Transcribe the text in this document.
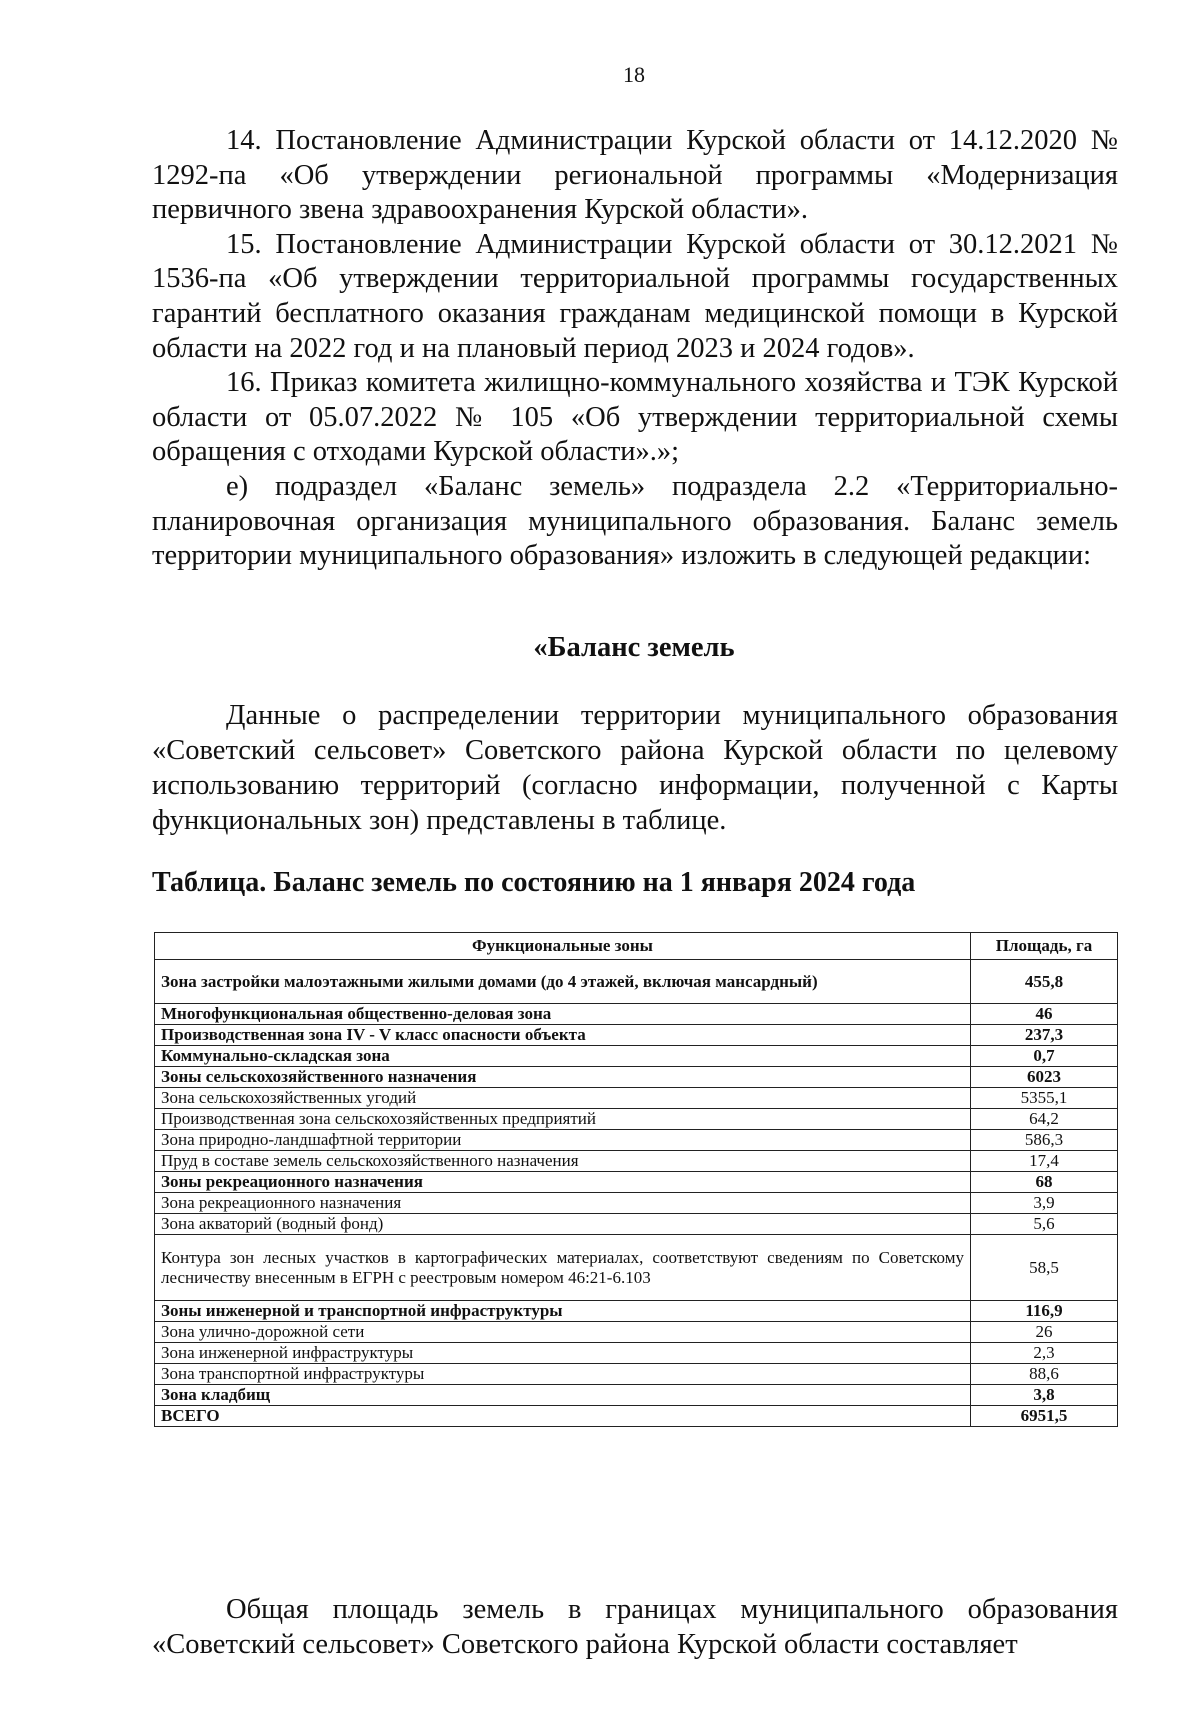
18

14. Постановление Администрации Курской области от 14.12.2020 № 1292-па «Об утверждении региональной программы «Модернизация первичного звена здравоохранения Курской области».

15. Постановление Администрации Курской области от 30.12.2021 № 1536-па «Об утверждении территориальной программы государственных гарантий бесплатного оказания гражданам медицинской помощи в Курской области на 2022 год и на плановый период 2023 и 2024 годов».

16. Приказ комитета жилищно-коммунального хозяйства и ТЭК Курской области от 05.07.2022 № 105 «Об утверждении территориальной схемы обращения с отходами Курской области».»;

е) подраздел «Баланс земель» подраздела 2.2 «Территориально-планировочная организация муниципального образования. Баланс земель территории муниципального образования» изложить в следующей редакции:

«Баланс земель

Данные о распределении территории муниципального образования «Советский сельсовет» Советского района Курской области по целевому использованию территорий (согласно информации, полученной с Карты функциональных зон) представлены в таблице.

Таблица. Баланс земель по состоянию на 1 января 2024 года
Функциональные зоны	Площадь, га
Зона застройки малоэтажными жилыми домами (до 4 этажей, включая мансардный)	455,8
Многофункциональная общественно-деловая зона	46
Производственная зона IV - V класс опасности объекта	237,3
Коммунально-складская зона	0,7
Зоны сельскохозяйственного назначения	6023
Зона сельскохозяйственных угодий	5355,1
Производственная зона сельскохозяйственных предприятий	64,2
Зона природно-ландшафтной территории	586,3
Пруд в составе земель сельскохозяйственного назначения	17,4
Зоны рекреационного назначения	68
Зона рекреационного назначения	3,9
Зона акваторий (водный фонд)	5,6
Контура зон лесных участков в картографических материалах, соответствуют сведениям по Советскому лесничеству внесенным в ЕГРН с реестровым номером 46:21-6.103	58,5
Зоны инженерной и транспортной инфраструктуры	116,9
Зона улично-дорожной сети	26
Зона инженерной инфраструктуры	2,3
Зона транспортной инфраструктуры	88,6
Зона кладбищ	3,8
ВСЕГО	6951,5

Общая площадь земель в границах муниципального образования «Советский сельсовет» Советского района Курской области составляет
